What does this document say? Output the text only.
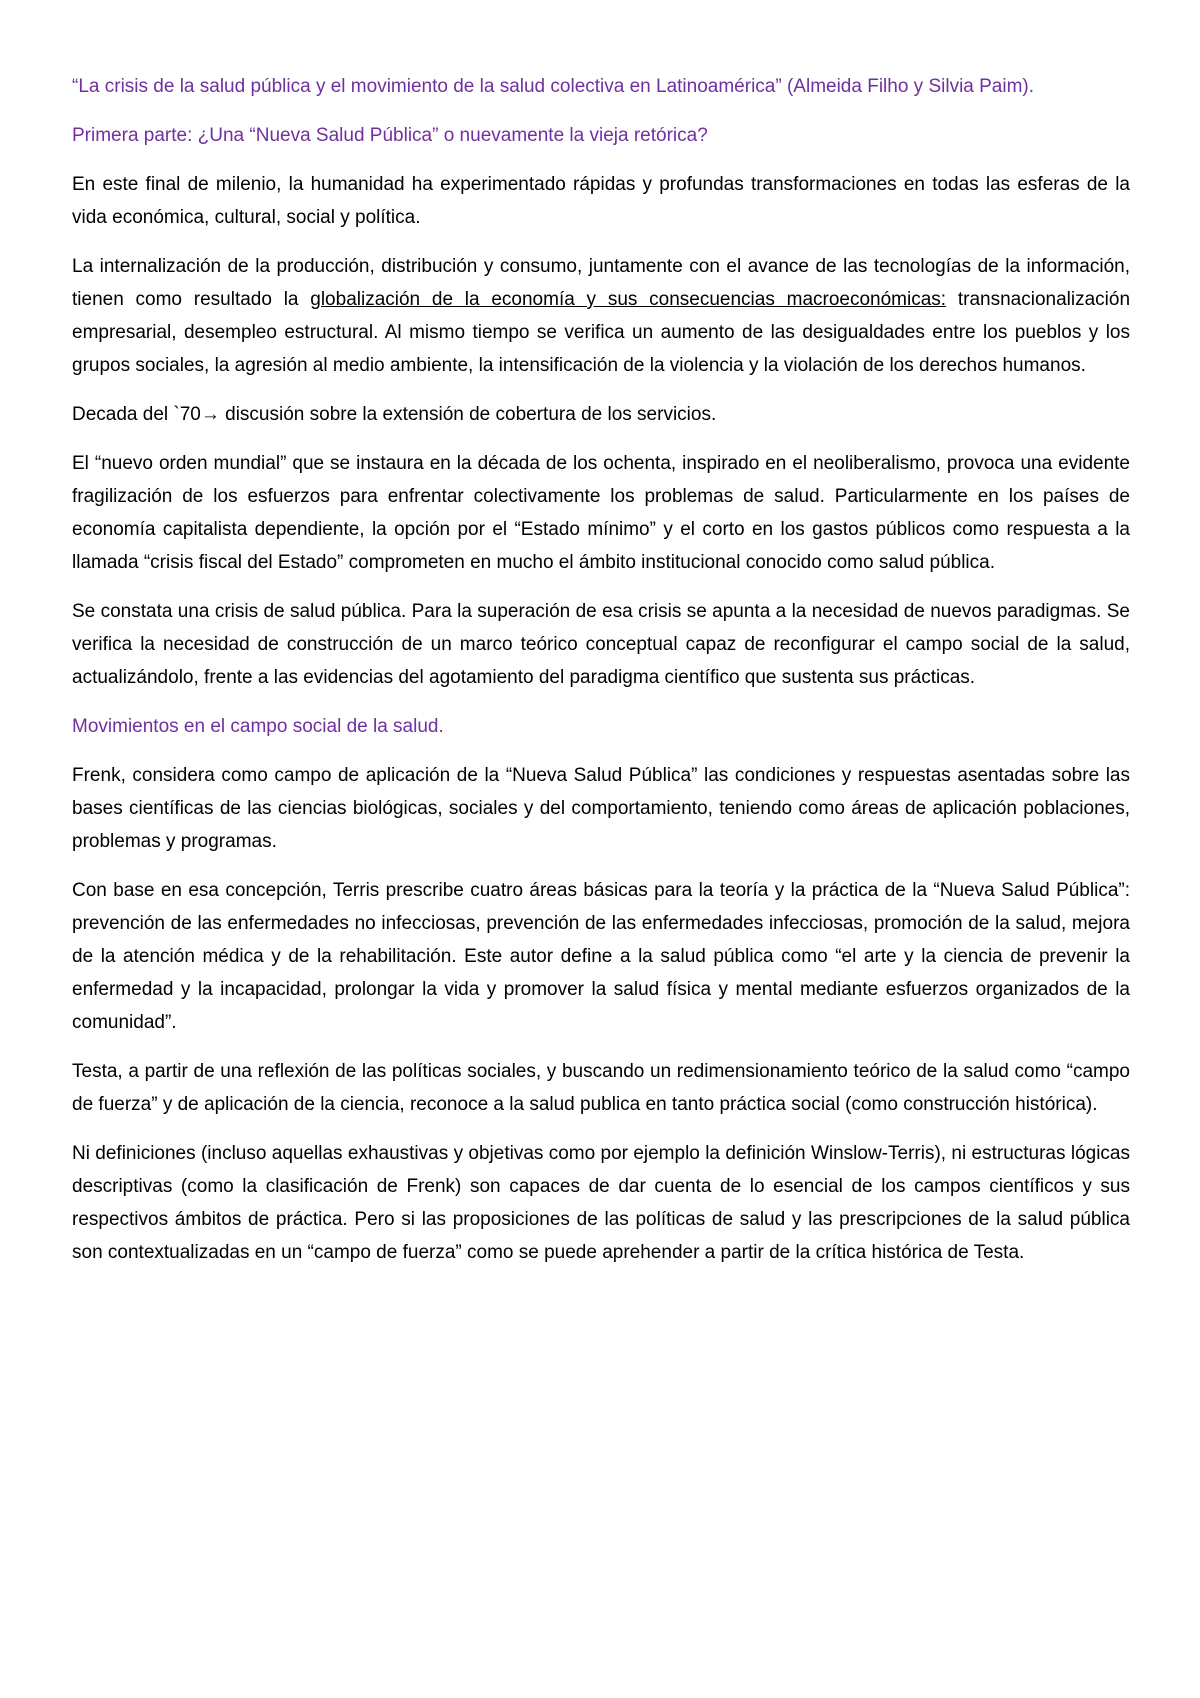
“La crisis de la salud pública y el movimiento de la salud colectiva en Latinoamérica” (Almeida Filho y Silvia Paim).

Primera parte: ¿Una “Nueva Salud Pública” o nuevamente la vieja retórica?

En este final de milenio, la humanidad ha experimentado rápidas y profundas transformaciones en todas las esferas de la vida económica, cultural, social y política.

La internalización de la producción, distribución y consumo, juntamente con el avance de las tecnologías de la información, tienen como resultado la globalización de la economía y sus consecuencias macroeconómicas: transnacionalización empresarial, desempleo estructural. Al mismo tiempo se verifica un aumento de las desigualdades entre los pueblos y los grupos sociales, la agresión al medio ambiente, la intensificación de la violencia y la violación de los derechos humanos.

Decada del `70→ discusión sobre la extensión de cobertura de los servicios.

El “nuevo orden mundial” que se instaura en la década de los ochenta, inspirado en el neoliberalismo, provoca una evidente fragilización de los esfuerzos para enfrentar colectivamente los problemas de salud. Particularmente en los países de economía capitalista dependiente, la opción por el “Estado mínimo” y el corto en los gastos públicos como respuesta a la llamada “crisis fiscal del Estado” comprometen en mucho el ámbito institucional conocido como salud pública.

Se constata una crisis de salud pública. Para la superación de esa crisis se apunta a la necesidad de nuevos paradigmas. Se verifica la necesidad de construcción de un marco teórico conceptual capaz de reconfigurar el campo social de la salud, actualizándolo, frente a las evidencias del agotamiento del paradigma científico que sustenta sus prácticas.

Movimientos en el campo social de la salud.

Frenk, considera como campo de aplicación de la “Nueva Salud Pública” las condiciones y respuestas asentadas sobre las bases científicas de las ciencias biológicas, sociales y del comportamiento, teniendo como áreas de aplicación poblaciones, problemas y programas.

Con base en esa concepción, Terris prescribe cuatro áreas básicas para la teoría y la práctica de la “Nueva Salud Pública”: prevención de las enfermedades no infecciosas, prevención de las enfermedades infecciosas, promoción de la salud, mejora de la atención médica y de la rehabilitación. Este autor define a la salud pública como “el arte y la ciencia de prevenir la enfermedad y la incapacidad, prolongar la vida y promover la salud física y mental mediante esfuerzos organizados de la comunidad”.

Testa, a partir de una reflexión de las políticas sociales, y buscando un redimensionamiento teórico de la salud como “campo de fuerza” y de aplicación de la ciencia, reconoce a la salud publica en tanto práctica social (como construcción histórica).

Ni definiciones (incluso aquellas exhaustivas y objetivas como por ejemplo la definición Winslow-Terris), ni estructuras lógicas descriptivas (como la clasificación de Frenk) son capaces de dar cuenta de lo esencial de los campos científicos y sus respectivos ámbitos de práctica. Pero si las proposiciones de las políticas de salud y las prescripciones de la salud pública son contextualizadas en un “campo de fuerza” como se puede aprehender a partir de la crítica histórica de Testa.
